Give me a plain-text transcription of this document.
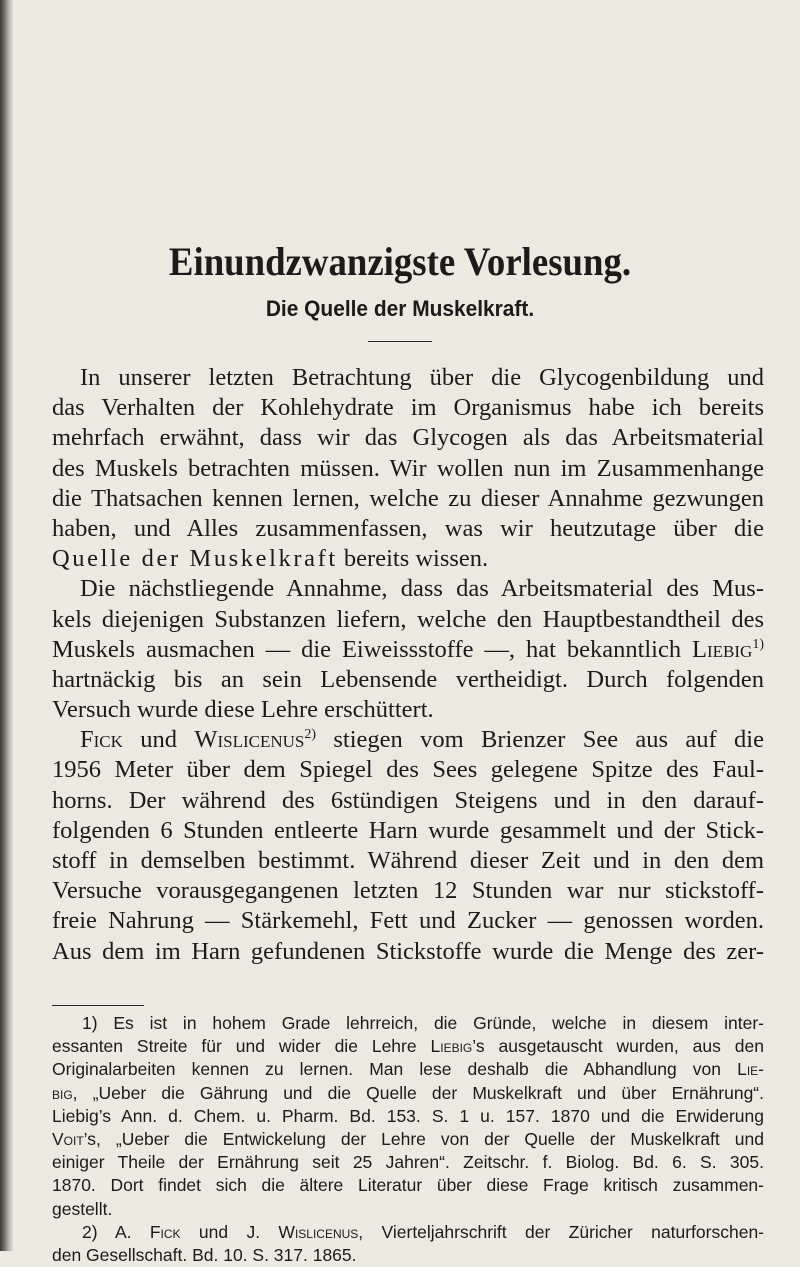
Einundzwanzigste Vorlesung.
Die Quelle der Muskelkraft.
In unserer letzten Betrachtung über die Glycogenbildung und
das Verhalten der Kohlehydrate im Organismus habe ich bereits
mehrfach erwähnt, dass wir das Glycogen als das Arbeitsmaterial
des Muskels betrachten müssen. Wir wollen nun im Zusammenhange
die Thatsachen kennen lernen, welche zu dieser Annahme gezwungen
haben, und Alles zusammenfassen, was wir heutzutage über die
Quelle der Muskelkraft bereits wissen.
Die nächstliegende Annahme, dass das Arbeitsmaterial des Mus-
kels diejenigen Substanzen liefern, welche den Hauptbestandtheil des
Muskels ausmachen — die Eiweissstoffe —, hat bekanntlich Liebig$^{1)}$
hartnäckig bis an sein Lebensende vertheidigt. Durch folgenden
Versuch wurde diese Lehre erschüttert.
Fick und Wislicenus$^{2)}$ stiegen vom Brienzer See aus auf die
1956 Meter über dem Spiegel des Sees gelegene Spitze des Faul-
horns. Der während des 6stündigen Steigens und in den darauf-
folgenden 6 Stunden entleerte Harn wurde gesammelt und der Stick-
stoff in demselben bestimmt. Während dieser Zeit und in den dem
Versuche vorausgegangenen letzten 12 Stunden war nur stickstoff-
freie Nahrung — Stärkemehl, Fett und Zucker — genossen worden.
Aus dem im Harn gefundenen Stickstoffe wurde die Menge des zer-
1) Es ist in hohem Grade lehrreich, die Gründe, welche in diesem inter-
essanten Streite für und wider die Lehre Liebig’s ausgetauscht wurden, aus den
Originalarbeiten kennen zu lernen. Man lese deshalb die Abhandlung von Lie-
big, „Ueber die Gährung und die Quelle der Muskelkraft und über Ernährung“.
Liebig’s Ann. d. Chem. u. Pharm. Bd. 153. S. 1 u. 157. 1870 und die Erwiderung
Voit’s, „Ueber die Entwickelung der Lehre von der Quelle der Muskelkraft und
einiger Theile der Ernährung seit 25 Jahren“. Zeitschr. f. Biolog. Bd. 6. S. 305.
1870. Dort findet sich die ältere Literatur über diese Frage kritisch zusammen-
gestellt.
2) A. Fick und J. Wislicenus, Vierteljahrschrift der Züricher naturforschen-
den Gesellschaft. Bd. 10. S. 317. 1865.
